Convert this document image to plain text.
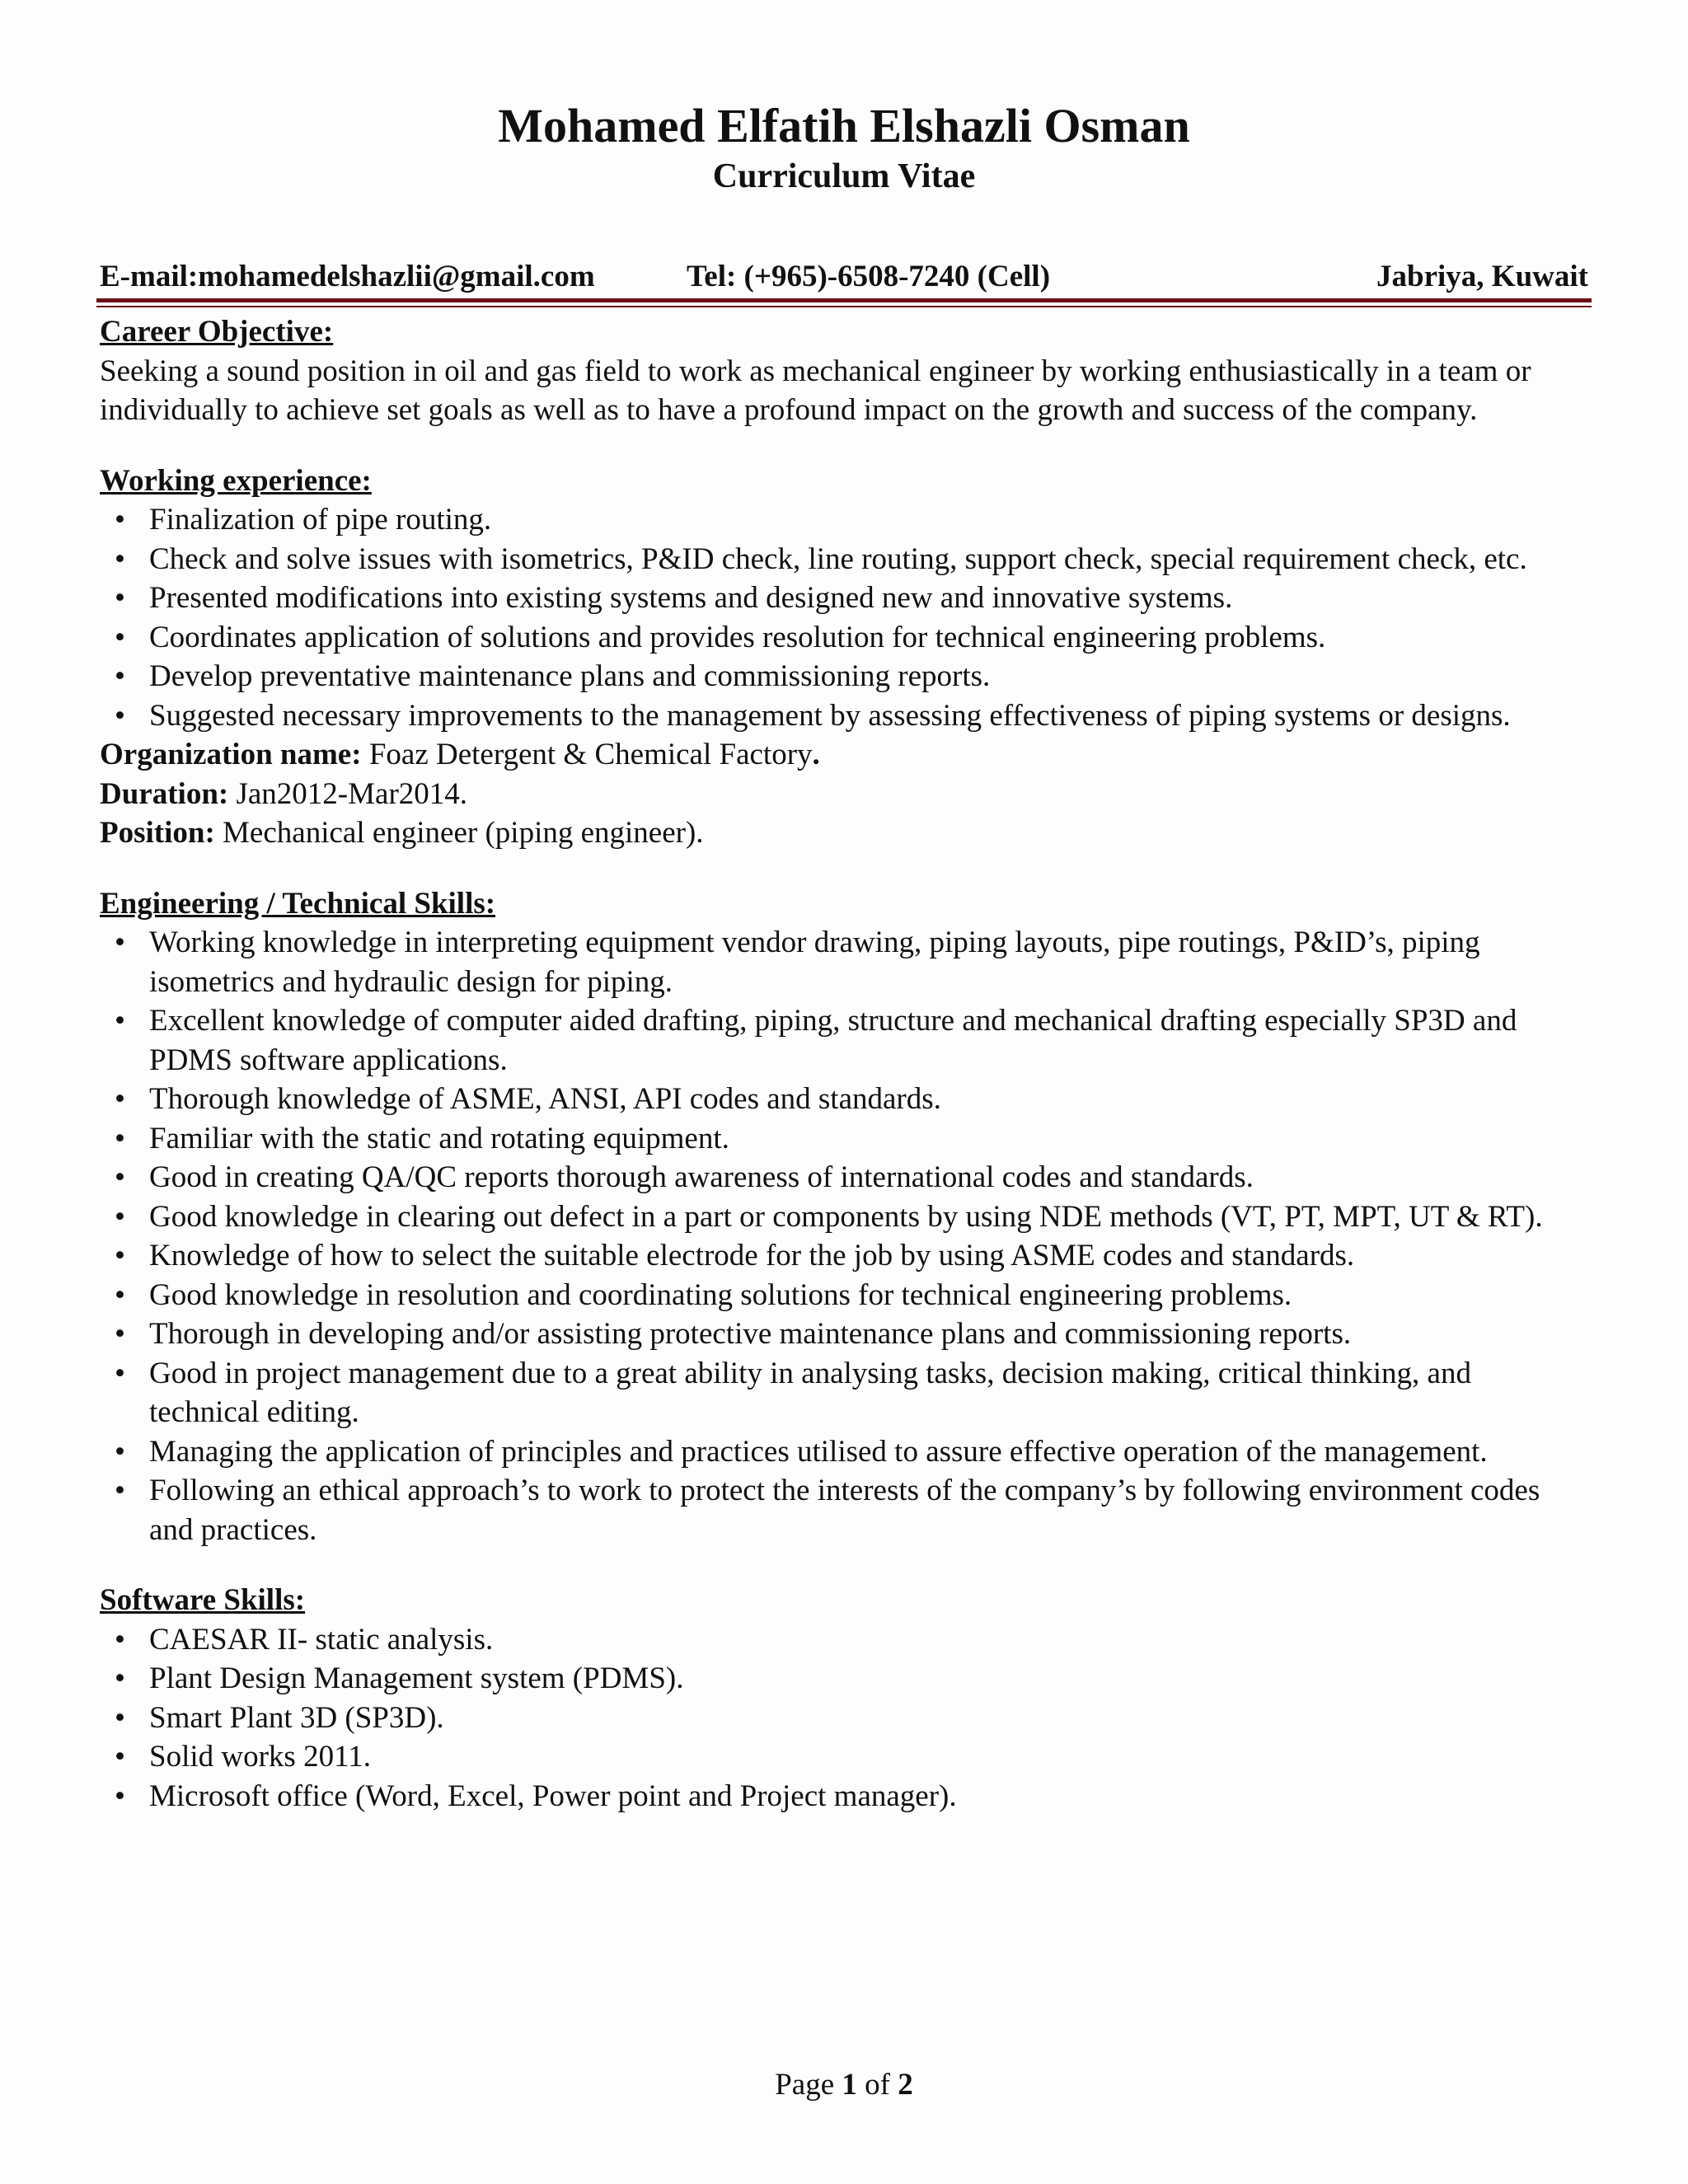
Mohamed Elfatih Elshazli Osman
Curriculum Vitae
E-mail:mohamedelshazlii@gmail.com	Tel: (+965)-6508-7240 (Cell)	Jabriya, Kuwait

Career Objective:

Seeking a sound position in oil and gas field to work as mechanical engineer by working enthusiastically in a team or individually to achieve set goals as well as to have a profound impact on the growth and success of the company.

Working experience:

• Finalization of pipe routing.
• Check and solve issues with isometrics, P&ID check, line routing, support check, special requirement check, etc.
• Presented modifications into existing systems and designed new and innovative systems.
• Coordinates application of solutions and provides resolution for technical engineering problems.
• Develop preventative maintenance plans and commissioning reports.
• Suggested necessary improvements to the management by assessing effectiveness of piping systems or designs.

Organization name: Foaz Detergent & Chemical Factory.

Duration: Jan2012-Mar2014.

Position: Mechanical engineer (piping engineer).

Engineering / Technical Skills:

• Working knowledge in interpreting equipment vendor drawing, piping layouts, pipe routings, P&ID’s, piping isometrics and hydraulic design for piping.
• Excellent knowledge of computer aided drafting, piping, structure and mechanical drafting especially SP3D and PDMS software applications.
• Thorough knowledge of ASME, ANSI, API codes and standards.
• Familiar with the static and rotating equipment.
• Good in creating QA/QC reports thorough awareness of international codes and standards.
• Good knowledge in clearing out defect in a part or components by using NDE methods (VT, PT, MPT, UT & RT).
• Knowledge of how to select the suitable electrode for the job by using ASME codes and standards.
• Good knowledge in resolution and coordinating solutions for technical engineering problems.
• Thorough in developing and/or assisting protective maintenance plans and commissioning reports.
• Good in project management due to a great ability in analysing tasks, decision making, critical thinking, and technical editing.
• Managing the application of principles and practices utilised to assure effective operation of the management.
• Following an ethical approach’s to work to protect the interests of the company’s by following environment codes and practices.

Software Skills:

• CAESAR II- static analysis.
• Plant Design Management system (PDMS).
• Smart Plant 3D (SP3D).
• Solid works 2011.
• Microsoft office (Word, Excel, Power point and Project manager).
Page 1 of 2
